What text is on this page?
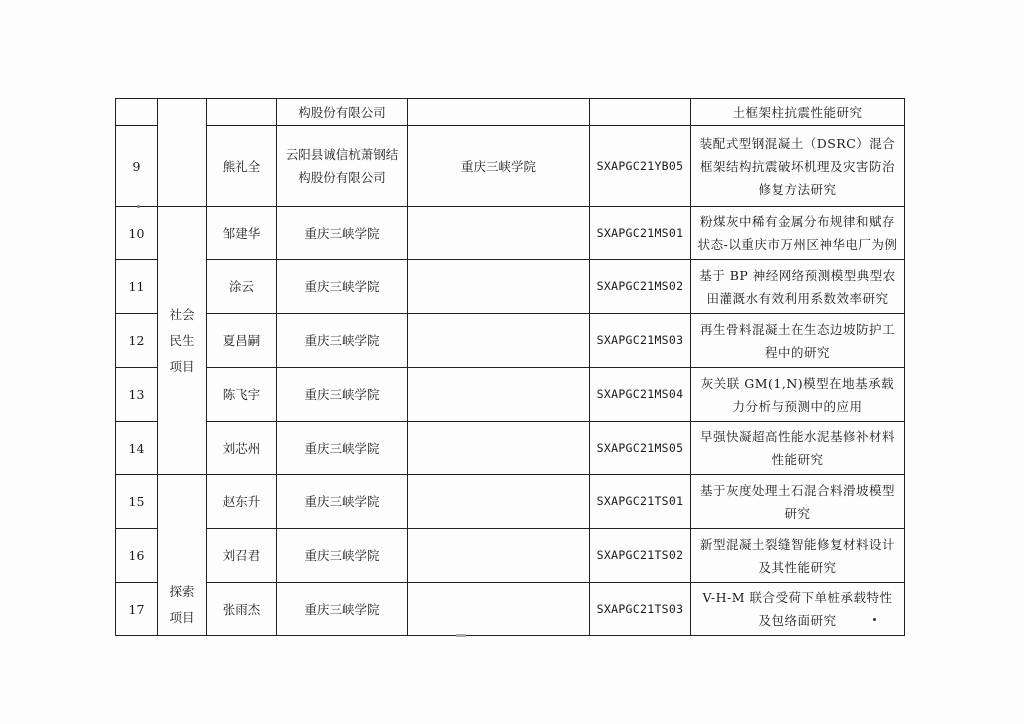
			构股份有限公司			土框架柱抗震性能研究
9		熊礼全	云阳县诚信杭萧钢结构股份有限公司	重庆三峡学院	SXAPGC21YB05	装配式型钢混凝土（DSRC）混合框架结构抗震破坏机理及灾害防治修复方法研究
10	社会民生项目	邹建华	重庆三峡学院		SXAPGC21MS01	粉煤灰中稀有金属分布规律和赋存状态-以重庆市万州区神华电厂为例
11		涂云	重庆三峡学院		SXAPGC21MS02	基于 BP 神经网络预测模型典型农田灌溉水有效利用系数效率研究
12		夏昌嗣	重庆三峡学院		SXAPGC21MS03	再生骨料混凝土在生态边坡防护工程中的研究
13		陈飞宇	重庆三峡学院		SXAPGC21MS04	灰关联 GM(1,N)模型在地基承载力分析与预测中的应用
14		刘芯州	重庆三峡学院		SXAPGC21MS05	早强快凝超高性能水泥基修补材料性能研究
15	探索项目	赵东升	重庆三峡学院		SXAPGC21TS01	基于灰度处理土石混合料滑坡模型研究
16		刘召君	重庆三峡学院		SXAPGC21TS02	新型混凝土裂缝智能修复材料设计及其性能研究
17		张雨杰	重庆三峡学院		SXAPGC21TS03	V-H-M 联合受荷下单桩承载特性及包络面研究
